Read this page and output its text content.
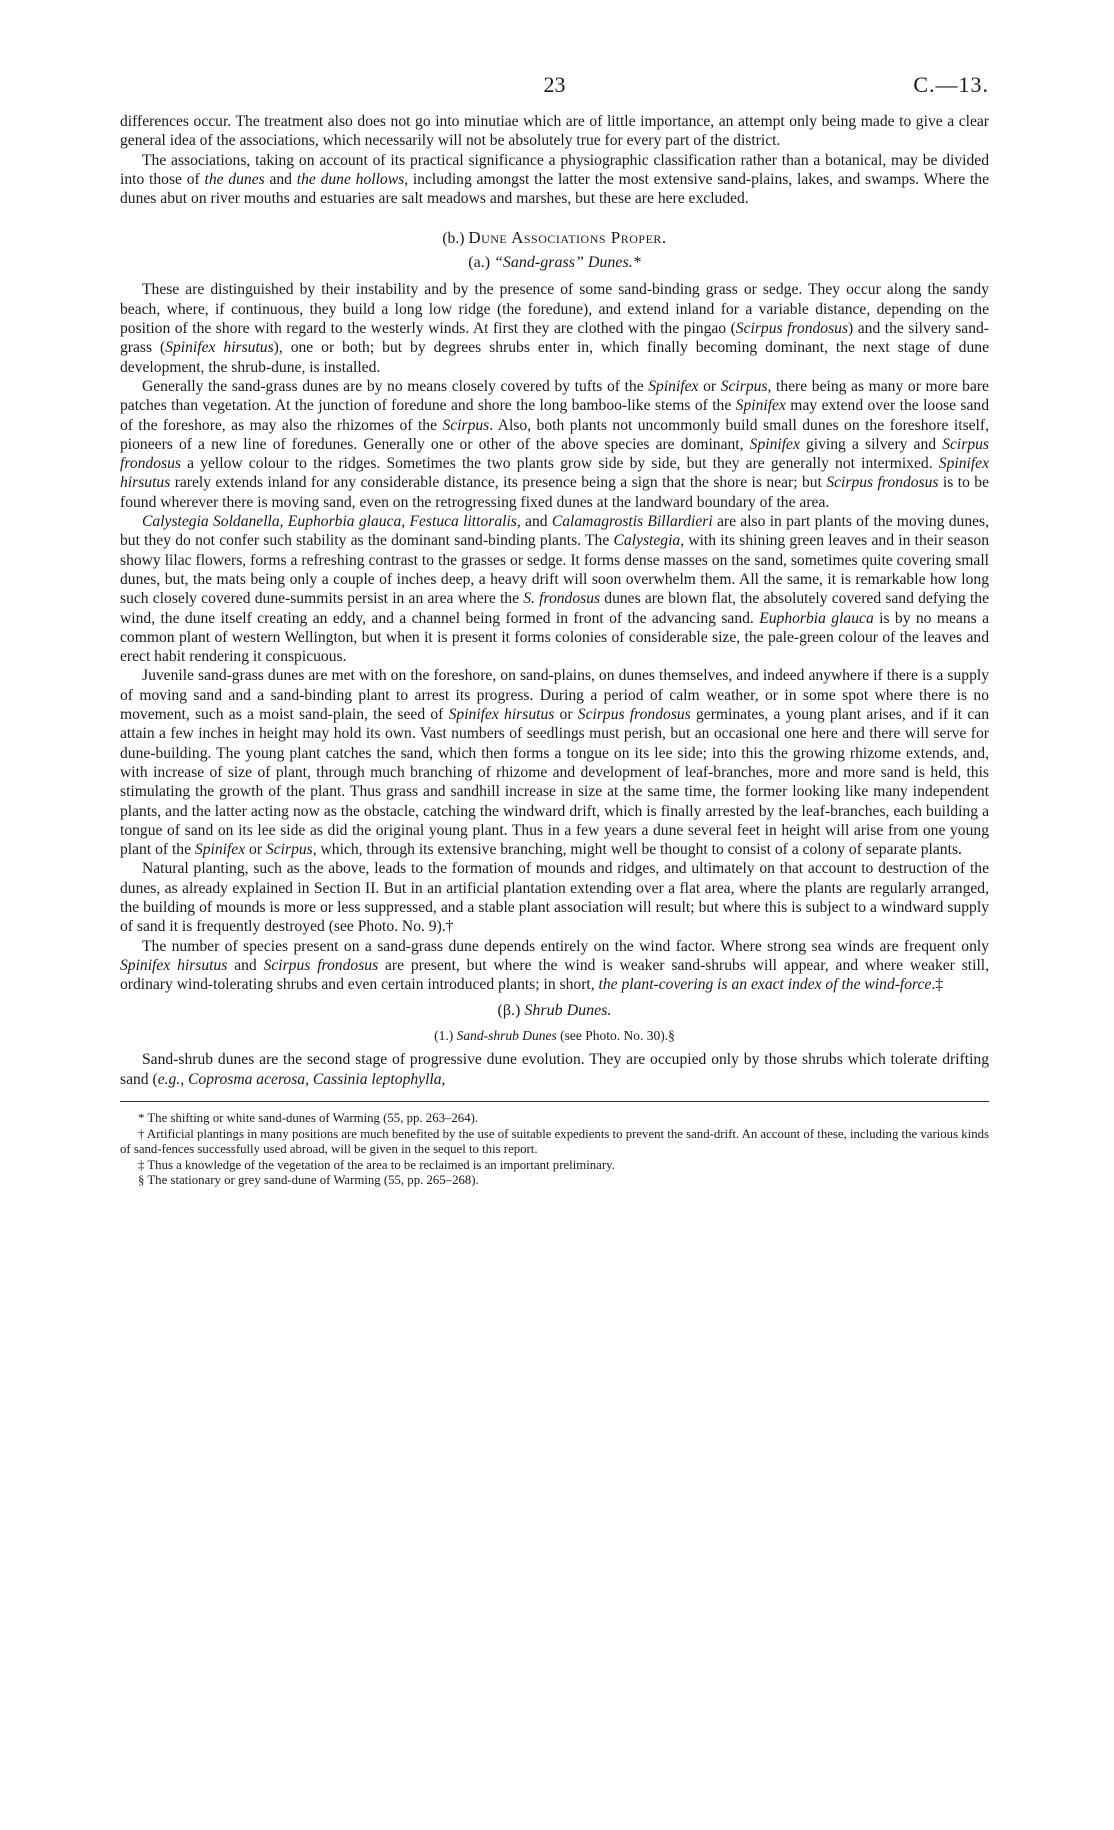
23	C.—13.

differences occur. The treatment also does not go into minutiae which are of little importance, an attempt only being made to give a clear general idea of the associations, which necessarily will not be absolutely true for every part of the district.

The associations, taking on account of its practical significance a physiographic classification rather than a botanical, may be divided into those of the dunes and the dune hollows, including amongst the latter the most extensive sand-plains, lakes, and swamps. Where the dunes abut on river mouths and estuaries are salt meadows and marshes, but these are here excluded.

(b.) Dune Associations Proper.
(a.) “Sand-grass” Dunes.*

These are distinguished by their instability and by the presence of some sand-binding grass or sedge. They occur along the sandy beach, where, if continuous, they build a long low ridge (the foredune), and extend inland for a variable distance, depending on the position of the shore with regard to the westerly winds. At first they are clothed with the pingao (Scirpus frondosus) and the silvery sand-grass (Spinifex hirsutus), one or both; but by degrees shrubs enter in, which finally becoming dominant, the next stage of dune development, the shrub-dune, is installed.

Generally the sand-grass dunes are by no means closely covered by tufts of the Spinifex or Scirpus, there being as many or more bare patches than vegetation. At the junction of foredune and shore the long bamboo-like stems of the Spinifex may extend over the loose sand of the foreshore, as may also the rhizomes of the Scirpus. Also, both plants not uncommonly build small dunes on the foreshore itself, pioneers of a new line of foredunes. Generally one or other of the above species are dominant, Spinifex giving a silvery and Scirpus frondosus a yellow colour to the ridges. Sometimes the two plants grow side by side, but they are generally not intermixed. Spinifex hirsutus rarely extends inland for any considerable distance, its presence being a sign that the shore is near; but Scirpus frondosus is to be found wherever there is moving sand, even on the retrogressing fixed dunes at the landward boundary of the area.

Calystegia Soldanella, Euphorbia glauca, Festuca littoralis, and Calamagrostis Billardieri are also in part plants of the moving dunes, but they do not confer such stability as the dominant sand-binding plants. The Calystegia, with its shining green leaves and in their season showy lilac flowers, forms a refreshing contrast to the grasses or sedge. It forms dense masses on the sand, sometimes quite covering small dunes, but, the mats being only a couple of inches deep, a heavy drift will soon overwhelm them. All the same, it is remarkable how long such closely covered dune-summits persist in an area where the S. frondosus dunes are blown flat, the absolutely covered sand defying the wind, the dune itself creating an eddy, and a channel being formed in front of the advancing sand. Euphorbia glauca is by no means a common plant of western Wellington, but when it is present it forms colonies of considerable size, the pale-green colour of the leaves and erect habit rendering it conspicuous.

Juvenile sand-grass dunes are met with on the foreshore, on sand-plains, on dunes themselves, and indeed anywhere if there is a supply of moving sand and a sand-binding plant to arrest its progress. During a period of calm weather, or in some spot where there is no movement, such as a moist sand-plain, the seed of Spinifex hirsutus or Scirpus frondosus germinates, a young plant arises, and if it can attain a few inches in height may hold its own. Vast numbers of seedlings must perish, but an occasional one here and there will serve for dune-building. The young plant catches the sand, which then forms a tongue on its lee side; into this the growing rhizome extends, and, with increase of size of plant, through much branching of rhizome and development of leaf-branches, more and more sand is held, this stimulating the growth of the plant. Thus grass and sandhill increase in size at the same time, the former looking like many independent plants, and the latter acting now as the obstacle, catching the windward drift, which is finally arrested by the leaf-branches, each building a tongue of sand on its lee side as did the original young plant. Thus in a few years a dune several feet in height will arise from one young plant of the Spinifex or Scirpus, which, through its extensive branching, might well be thought to consist of a colony of separate plants.

Natural planting, such as the above, leads to the formation of mounds and ridges, and ultimately on that account to destruction of the dunes, as already explained in Section II. But in an artificial plantation extending over a flat area, where the plants are regularly arranged, the building of mounds is more or less suppressed, and a stable plant association will result; but where this is subject to a windward supply of sand it is frequently destroyed (see Photo. No. 9).†

The number of species present on a sand-grass dune depends entirely on the wind factor. Where strong sea winds are frequent only Spinifex hirsutus and Scirpus frondosus are present, but where the wind is weaker sand-shrubs will appear, and where weaker still, ordinary wind-tolerating shrubs and even certain introduced plants; in short, the plant-covering is an exact index of the wind-force.‡

(β.) Shrub Dunes.
(1.) Sand-shrub Dunes (see Photo. No. 30).§

Sand-shrub dunes are the second stage of progressive dune evolution. They are occupied only by those shrubs which tolerate drifting sand (e.g., Coprosma acerosa, Cassinia leptophylla,

* The shifting or white sand-dunes of Warming (55, pp. 263–264).

† Artificial plantings in many positions are much benefited by the use of suitable expedients to prevent the sand-drift. An account of these, including the various kinds of sand-fences successfully used abroad, will be given in the sequel to this report.

‡ Thus a knowledge of the vegetation of the area to be reclaimed is an important preliminary.

§ The stationary or grey sand-dune of Warming (55, pp. 265–268).
